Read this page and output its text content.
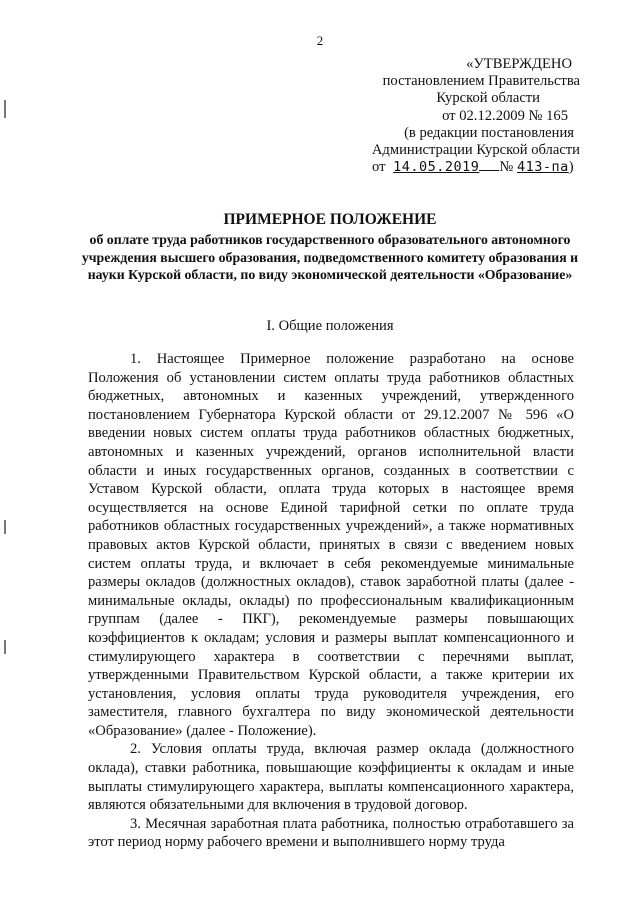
2
«УТВЕРЖДЕНО
постановлением Правительства
Курской области
от 02.12.2009 № 165
(в редакции постановления
Администрации Курской области
от 14.05.2019 № 413-па)
ПРИМЕРНОЕ ПОЛОЖЕНИЕ
об оплате труда работников государственного образовательного автономного учреждения высшего образования, подведомственного комитету образования и науки Курской области, по виду экономической деятельности «Образование»
I. Общие положения

1. Настоящее Примерное положение разработано на основе Положения об установлении систем оплаты труда работников областных бюджетных, автономных и казенных учреждений, утвержденного постановлением Губернатора Курской области от 29.12.2007 № 596 «О введении новых систем оплаты труда работников областных бюджетных, автономных и казенных учреждений, органов исполнительной власти области и иных государственных органов, созданных в соответствии с Уставом Курской области, оплата труда которых в настоящее время осуществляется на основе Единой тарифной сетки по оплате труда работников областных государственных учреждений», а также нормативных правовых актов Курской области, принятых в связи с введением новых систем оплаты труда, и включает в себя рекомендуемые минимальные размеры окладов (должностных окладов), ставок заработной платы (далее - минимальные оклады, оклады) по профессиональным квалификационным группам (далее - ПКГ), рекомендуемые размеры повышающих коэффициентов к окладам; условия и размеры выплат компенсационного и стимулирующего характера в соответствии с перечнями выплат, утвержденными Правительством Курской области, а также критерии их установления, условия оплаты труда руководителя учреждения, его заместителя, главного бухгалтера по виду экономической деятельности «Образование» (далее - Положение).

2. Условия оплаты труда, включая размер оклада (должностного оклада), ставки работника, повышающие коэффициенты к окладам и иные выплаты стимулирующего характера, выплаты компенсационного характера, являются обязательными для включения в трудовой договор.

3. Месячная заработная плата работника, полностью отработавшего за этот период норму рабочего времени и выполнившего норму труда
